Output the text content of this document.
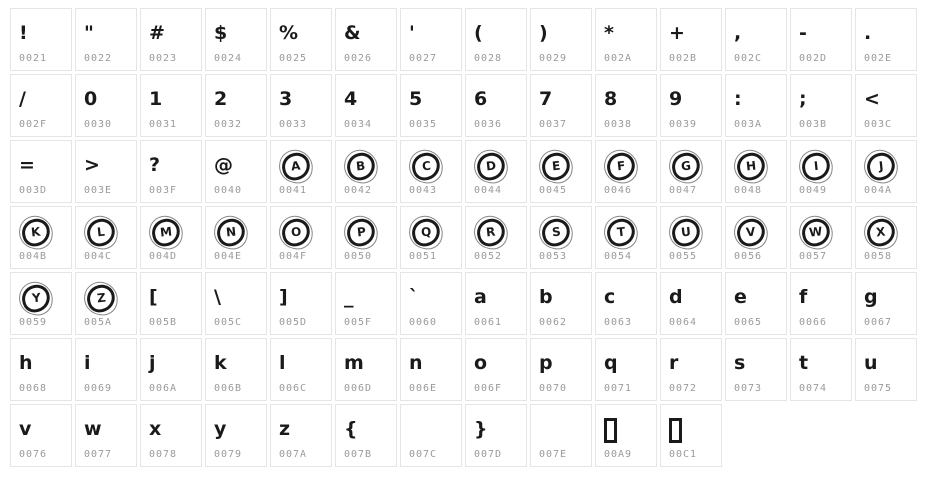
!
0021
"
0022
#
0023
$
0024
%
0025
&
0026
'
0027
(
0028
)
0029
*
002A
+
002B
,
002C
-
002D
.
002E
/
002F
0
0030
1
0031
2
0032
3
0033
4
0034
5
0035
6
0036
7
0037
8
0038
9
0039
:
003A
;
003B
<
003C
=
003D
>
003E
?
003F
@
0040
A
0041
B
0042
C
0043
D
0044
E
0045
F
0046
G
0047
H
0048
I
0049
J
004A
K
004B
L
004C
M
004D
N
004E
O
004F
P
0050
Q
0051
R
0052
S
0053
T
0054
U
0055
V
0056
W
0057
X
0058
Y
0059
Z
005A
[
005B
\
005C
]
005D
_
005F
`
0060
a
0061
b
0062
c
0063
d
0064
e
0065
f
0066
g
0067
h
0068
i
0069
j
006A
k
006B
l
006C
m
006D
n
006E
o
006F
p
0070
q
0071
r
0072
s
0073
t
0074
u
0075
v
0076
w
0077
x
0078
y
0079
z
007A
{
007B	007C
}
007D	007E	00A9	00C1
